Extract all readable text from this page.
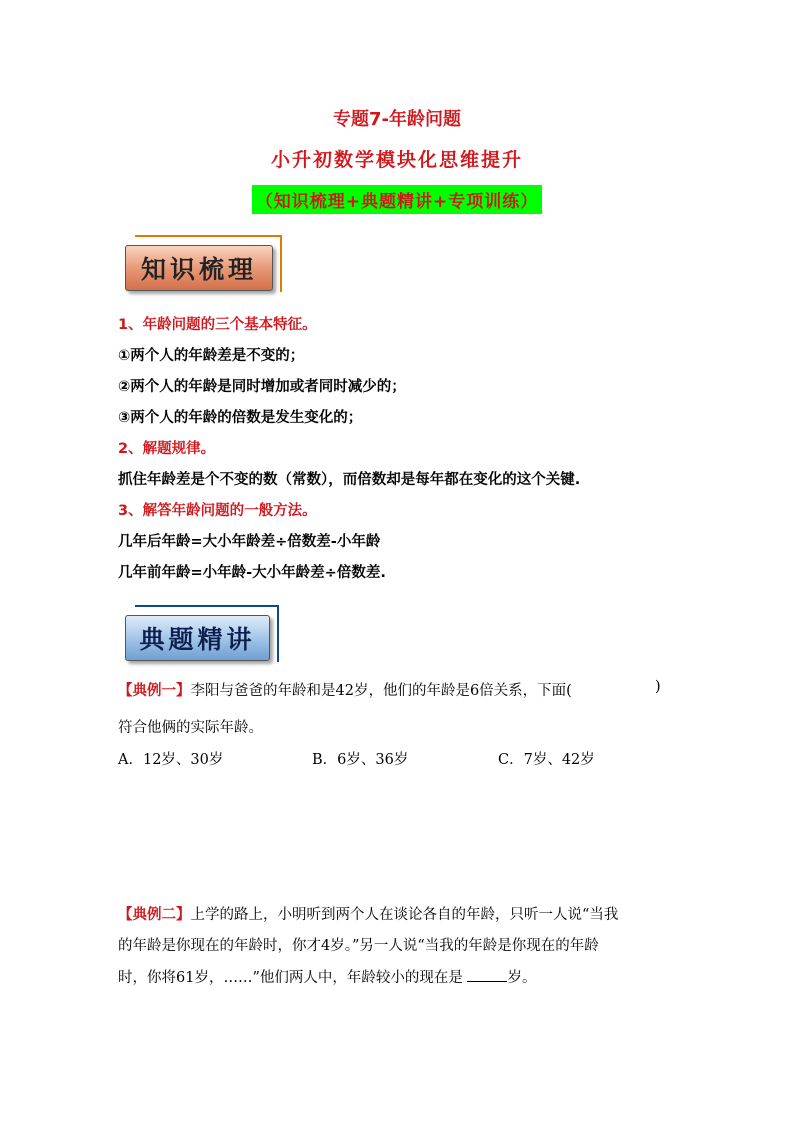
专题7-年龄问题
小升初数学模块化思维提升
（知识梳理+典题精讲+专项训练）
知识梳理
1、年龄问题的三个基本特征。
①两个人的年龄差是不变的；
②两个人的年龄是同时增加或者同时减少的；
③两个人的年龄的倍数是发生变化的；
2、解题规律。
抓住年龄差是个不变的数（常数），而倍数却是每年都在变化的这个关键.
3、解答年龄问题的一般方法。
几年后年龄=大小年龄差÷倍数差-小年龄
几年前年龄=小年龄-大小年龄差÷倍数差.
典题精讲
【典例一】李阳与爸爸的年龄和是42岁，他们的年龄是6倍关系，下面(	)
符合他俩的实际年龄。
A．12岁、30岁	B．6岁、36岁	C．7岁、42岁
【典例二】上学的路上，小明听到两个人在谈论各自的年龄，只听一人说“当我
的年龄是你现在的年龄时，你才4岁。”另一人说“当我的年龄是你现在的年龄
时，你将61岁，……”他们两人中，年龄较小的现在是	岁。
